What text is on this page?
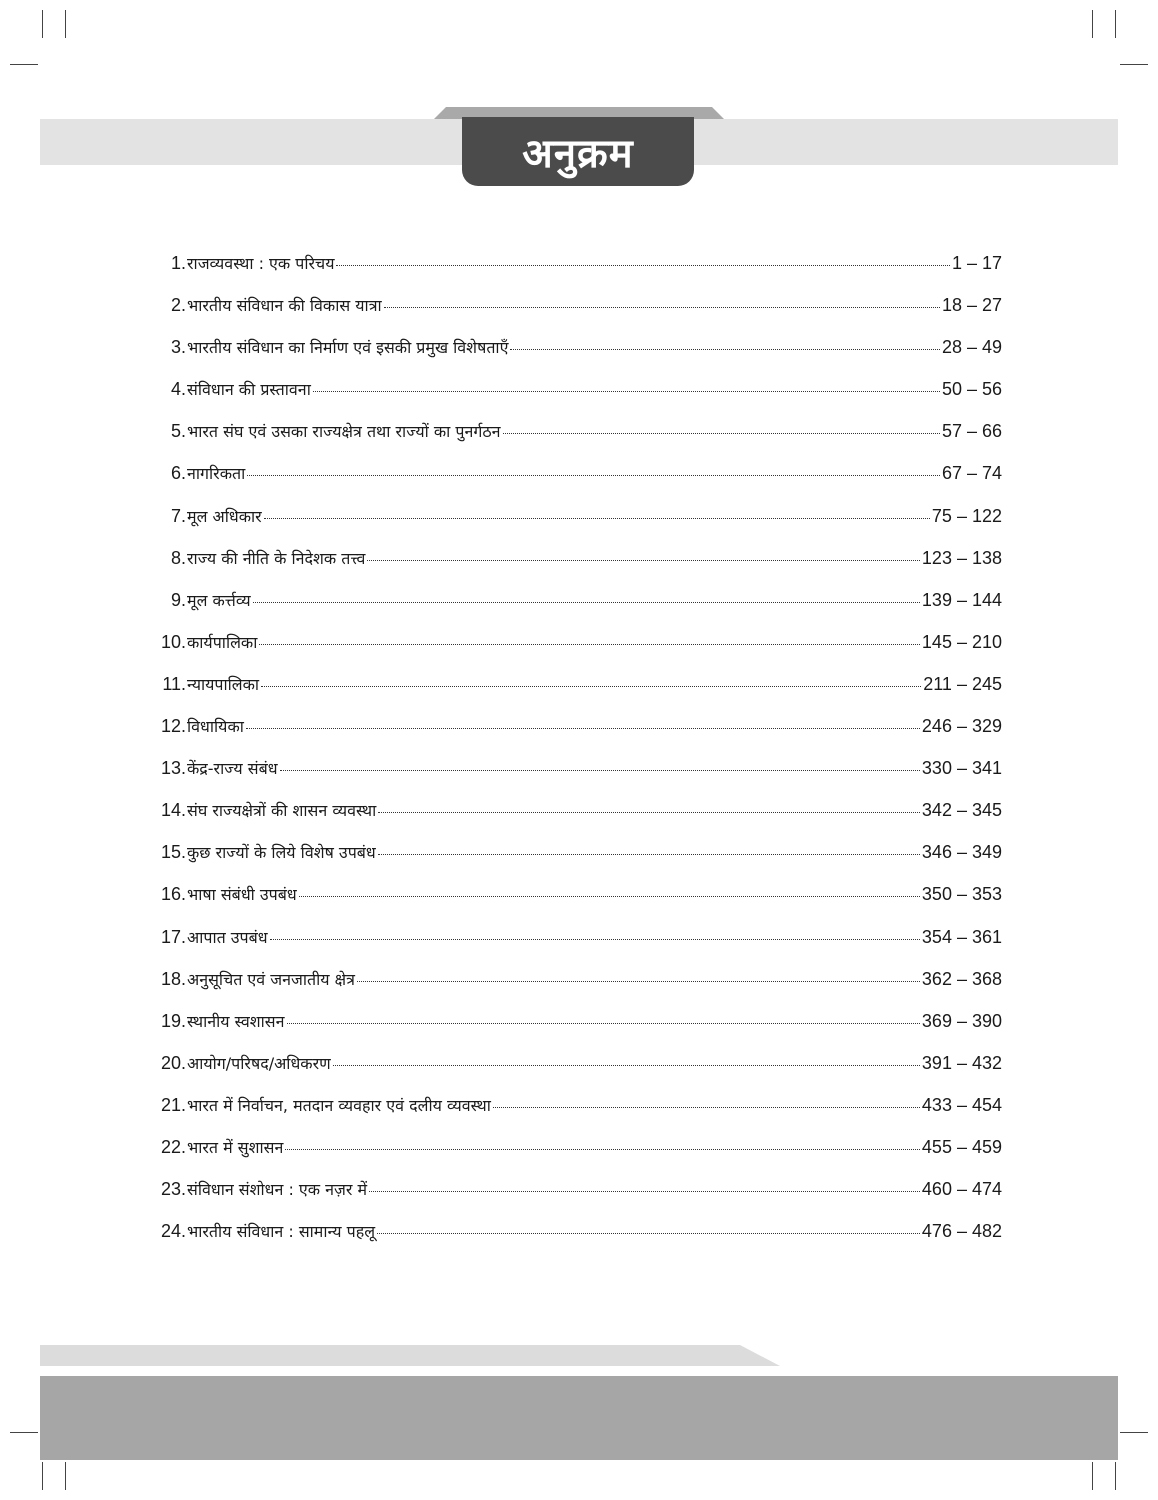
अनुक्रम
1. राजव्यवस्था : एक परिचय	1 – 17
2. भारतीय संविधान की विकास यात्रा	18 – 27
3. भारतीय संविधान का निर्माण एवं इसकी प्रमुख विशेषताएँ	28 – 49
4. संविधान की प्रस्तावना	50 – 56
5. भारत संघ एवं उसका राज्यक्षेत्र तथा राज्यों का पुनर्गठन	57 – 66
6. नागरिकता	67 – 74
7. मूल अधिकार	75 – 122
8. राज्य की नीति के निदेशक तत्त्व	123 – 138
9. मूल कर्त्तव्य	139 – 144
10. कार्यपालिका	145 – 210
11. न्यायपालिका	211 – 245
12. विधायिका	246 – 329
13. केंद्र-राज्य संबंध	330 – 341
14. संघ राज्यक्षेत्रों की शासन व्यवस्था	342 – 345
15. कुछ राज्यों के लिये विशेष उपबंध	346 – 349
16. भाषा संबंधी उपबंध	350 – 353
17. आपात उपबंध	354 – 361
18. अनुसूचित एवं जनजातीय क्षेत्र	362 – 368
19. स्थानीय स्वशासन	369 – 390
20. आयोग/परिषद/अधिकरण	391 – 432
21. भारत में निर्वाचन, मतदान व्यवहार एवं दलीय व्यवस्था	433 – 454
22. भारत में सुशासन	455 – 459
23. संविधान संशोधन : एक नज़र में	460 – 474
24. भारतीय संविधान : सामान्य पहलू	476 – 482
